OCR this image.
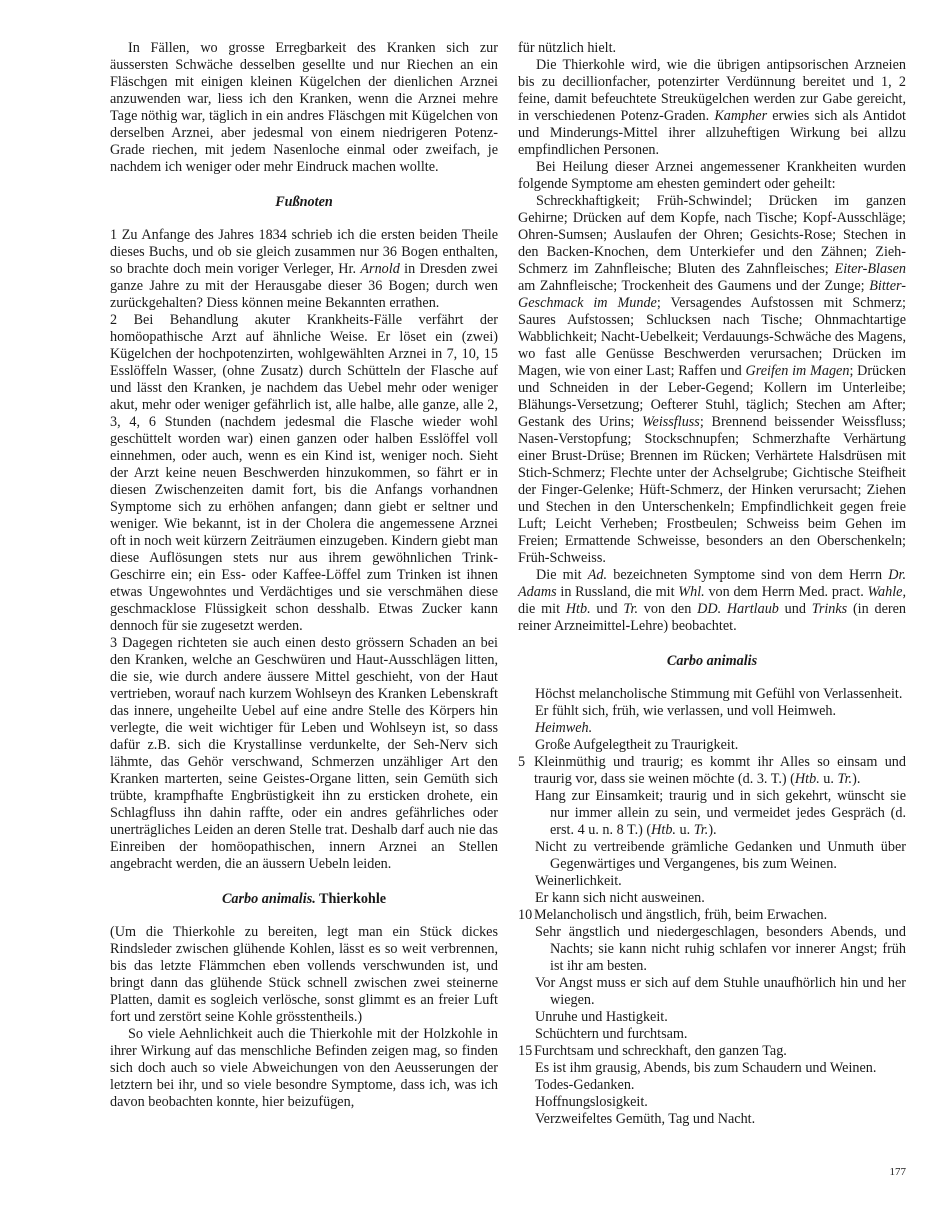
In Fällen, wo grosse Erregbarkeit des Kranken sich zur äussersten Schwäche desselben gesellte und nur Riechen an ein Fläschgen mit einigen kleinen Kügelchen der dienlichen Arznei anzuwenden war, liess ich den Kranken, wenn die Arznei mehre Tage nöthig war, täglich in ein andres Fläschgen mit Kügelchen von derselben Arznei, aber jedesmal von einem niedrigeren Potenz-Grade riechen, mit jedem Nasenloche einmal oder zweifach, je nachdem ich weniger oder mehr Eindruck machen wollte.

Fußnoten

1 Zu Anfange des Jahres 1834 schrieb ich die ersten beiden Theile dieses Buchs, und ob sie gleich zusammen nur 36 Bogen enthalten, so brachte doch mein voriger Verleger, Hr. Arnold in Dresden zwei ganze Jahre zu mit der Herausgabe dieser 36 Bogen; durch wen zurückgehalten? Diess können meine Bekannten errathen.

2 Bei Behandlung akuter Krankheits-Fälle verfährt der homöopathische Arzt auf ähnliche Weise. Er löset ein (zwei) Kügelchen der hochpotenzirten, wohlgewählten Arznei in 7, 10, 15 Esslöffeln Wasser, (ohne Zusatz) durch Schütteln der Flasche auf und lässt den Kranken, je nachdem das Uebel mehr oder weniger akut, mehr oder weniger gefährlich ist, alle halbe, alle ganze, alle 2, 3, 4, 6 Stunden (nachdem jedesmal die Flasche wieder wohl geschüttelt worden war) einen ganzen oder halben Esslöffel voll einnehmen, oder auch, wenn es ein Kind ist, weniger noch. Sieht der Arzt keine neuen Beschwerden hinzukommen, so fährt er in diesen Zwischenzeiten damit fort, bis die Anfangs vorhandnen Symptome sich zu erhöhen anfangen; dann giebt er seltner und weniger. Wie bekannt, ist in der Cholera die angemessene Arznei oft in noch weit kürzern Zeiträumen einzugeben. Kindern giebt man diese Auflösungen stets nur aus ihrem gewöhnlichen Trink-Geschirre ein; ein Ess- oder Kaffee-Löffel zum Trinken ist ihnen etwas Ungewohntes und Verdächtiges und sie verschmähen diese geschmacklose Flüssigkeit schon desshalb. Etwas Zucker kann dennoch für sie zugesetzt werden.

3 Dagegen richteten sie auch einen desto grössern Schaden an bei den Kranken, welche an Geschwüren und Haut-Ausschlägen litten, die sie, wie durch andere äussere Mittel geschieht, von der Haut vertrieben, worauf nach kurzem Wohlseyn des Kranken Lebenskraft das innere, ungeheilte Uebel auf eine andre Stelle des Körpers hin verlegte, die weit wichtiger für Leben und Wohlseyn ist, so dass dafür z.B. sich die Krystallinse verdunkelte, der Seh-Nerv sich lähmte, das Gehör verschwand, Schmerzen unzähliger Art den Kranken marterten, seine Geistes-Organe litten, sein Gemüth sich trübte, krampfhafte Engbrüstigkeit ihn zu ersticken drohete, ein Schlagfluss ihn dahin raffte, oder ein andres gefährliches oder unerträgliches Leiden an deren Stelle trat. Deshalb darf auch nie das Einreiben der homöopathischen, innern Arznei an Stellen angebracht werden, die an äussern Uebeln leiden.

Carbo animalis. Thierkohle

(Um die Thierkohle zu bereiten, legt man ein Stück dickes Rindsleder zwischen glühende Kohlen, lässt es so weit verbrennen, bis das letzte Flämmchen eben vollends verschwunden ist, und bringt dann das glühende Stück schnell zwischen zwei steinerne Platten, damit es sogleich verlösche, sonst glimmt es an freier Luft fort und zerstört seine Kohle grösstentheils.)

So viele Aehnlichkeit auch die Thierkohle mit der Holzkohle in ihrer Wirkung auf das menschliche Befinden zeigen mag, so finden sich doch auch so viele Abweichungen von den Aeusserungen der letztern bei ihr, und so viele besondre Symptome, dass ich, was ich davon beobachten konnte, hier beizufügen,

für nützlich hielt.

Die Thierkohle wird, wie die übrigen antipsorischen Arzneien bis zu decillionfacher, potenzirter Verdünnung bereitet und 1, 2 feine, damit befeuchtete Streukügelchen werden zur Gabe gereicht, in verschiedenen Potenz-Graden. Kampher erwies sich als Antidot und Minderungs-Mittel ihrer allzuheftigen Wirkung bei allzu empfindlichen Personen.

Bei Heilung dieser Arznei angemessener Krankheiten wurden folgende Symptome am ehesten gemindert oder geheilt:

Schreckhaftigkeit; Früh-Schwindel; Drücken im ganzen Gehirne; Drücken auf dem Kopfe, nach Tische; Kopf-Ausschläge; Ohren-Sumsen; Auslaufen der Ohren; Gesichts-Rose; Stechen in den Backen-Knochen, dem Unterkiefer und den Zähnen; Zieh-Schmerz im Zahnfleische; Bluten des Zahnfleisches; Eiter-Blasen am Zahnfleische; Trockenheit des Gaumens und der Zunge; Bitter-Geschmack im Munde; Versagendes Aufstossen mit Schmerz; Saures Aufstossen; Schlucksen nach Tische; Ohnmachtartige Wabblichkeit; Nacht-Uebelkeit; Verdauungs-Schwäche des Magens, wo fast alle Genüsse Beschwerden verursachen; Drücken im Magen, wie von einer Last; Raffen und Greifen im Magen; Drücken und Schneiden in der Leber-Gegend; Kollern im Unterleibe; Blähungs-Versetzung; Oefterer Stuhl, täglich; Stechen am After; Gestank des Urins; Weissfluss; Brennend beissender Weissfluss; Nasen-Verstopfung; Stockschnupfen; Schmerzhafte Verhärtung einer Brust-Drüse; Brennen im Rücken; Verhärtete Halsdrüsen mit Stich-Schmerz; Flechte unter der Achselgrube; Gichtische Steifheit der Finger-Gelenke; Hüft-Schmerz, der Hinken verursacht; Ziehen und Stechen in den Unterschenkeln; Empfindlichkeit gegen freie Luft; Leicht Verheben; Frostbeulen; Schweiss beim Gehen im Freien; Ermattende Schweisse, besonders an den Oberschenkeln; Früh-Schweiss.

Die mit Ad. bezeichneten Symptome sind von dem Herrn Dr. Adams in Russland, die mit Whl. von dem Herrn Med. pract. Wahle, die mit Htb. und Tr. von den DD. Hartlaub und Trinks (in deren reiner Arzneimittel-Lehre) beobachtet.

Carbo animalis

Höchst melancholische Stimmung mit Gefühl von Verlassenheit.

Er fühlt sich, früh, wie verlassen, und voll Heimweh.

Heimweh.

Große Aufgelegtheit zu Traurigkeit.

5 Kleinmüthig und traurig; es kommt ihr Alles so einsam und traurig vor, dass sie weinen möchte (d. 3. T.) (Htb. u. Tr.).

Hang zur Einsamkeit; traurig und in sich gekehrt, wünscht sie nur immer allein zu sein, und vermeidet jedes Gespräch (d. erst. 4 u. n. 8 T.) (Htb. u. Tr.).

Nicht zu vertreibende grämliche Gedanken und Unmuth über Gegenwärtiges und Vergangenes, bis zum Weinen.

Weinerlichkeit.

Er kann sich nicht ausweinen.

10 Melancholisch und ängstlich, früh, beim Erwachen.

Sehr ängstlich und niedergeschlagen, besonders Abends, und Nachts; sie kann nicht ruhig schlafen vor innerer Angst; früh ist ihr am besten.

Vor Angst muss er sich auf dem Stuhle unaufhörlich hin und her wiegen.

Unruhe und Hastigkeit.

Schüchtern und furchtsam.

15 Furchtsam und schreckhaft, den ganzen Tag.

Es ist ihm grausig, Abends, bis zum Schaudern und Weinen.

Todes-Gedanken.

Hoffnungslosigkeit.

Verzweifeltes Gemüth, Tag und Nacht.

177
